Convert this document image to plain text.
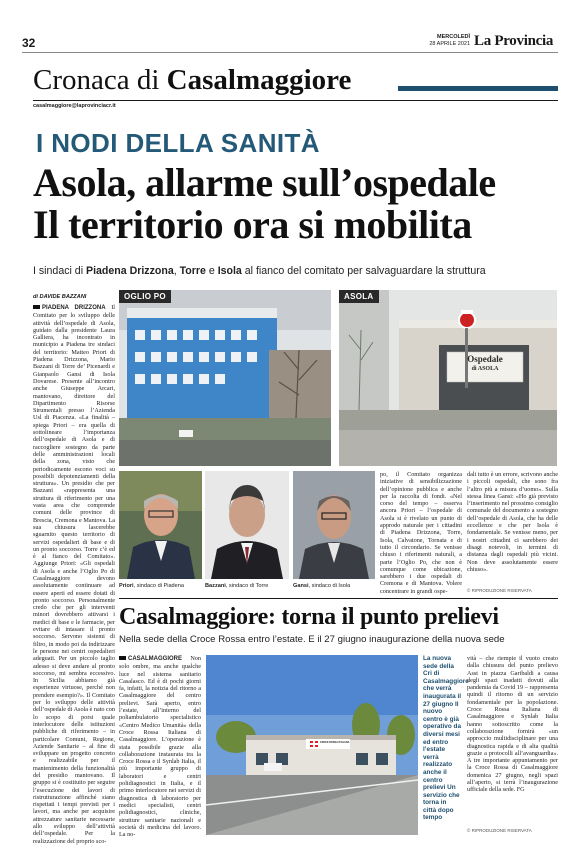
32	MERCOLEDÌ
28 APRILE 2021 La Provincia
Cronaca di Casalmaggiore
casalmaggiore@laprovinciacr.it
I NODI DELLA SANITÀ
Asola, allarme sull’ospedale
Il territorio ora si mobilita
I sindaci di Piadena Drizzona, Torre e Isola al fianco del comitato per salvaguardare la struttura
di DAVIDE BAZZANI
PIADENA DRIZZONA Il Comitato per lo sviluppo delle attività dell’ospedale di Asola, guidato dalla presidente Laura Galliera, ha incontrato in municipio a Piadena tre sindaci del territorio: Matteo Priori di Piadena Drizzona, Mario Bazzani di Torre de’ Picenardi e Gianpaolo Gansi di Isola Dovarese. Presente all’incontro anche Giuseppe Arcari, mantovano, direttore del Dipartimento Risorse Strumentali presso l’Azienda Usl di Piacenza. «La finalità – spiega Priori – era quella di sottolineare l’importanza dell’ospedale di Asola e di raccogliere sostegno da parte delle amministrazioni locali della zona, visto che periodicamente escono voci su possibili depotenziamenti della struttura». Un presidio che per Bazzani «rappresenta una struttura di riferimento per una vasta area che comprende comuni delle province di Brescia, Cremona e Mantova. La sua chiusura lascerebbe sguarnito questo territorio di servizi ospedalieri di base e di un pronto soccorso. Torre c’è ed è al fianco del Comitato». Aggiunge Priori: «Gli ospedali di Asola e anche l’Oglio Po di Casalmaggiore devono assolutamente continuare ad essere aperti ed essere dotati di pronto soccorso. Personalmente credo che per gli interventi minori dovrebbero attivarsi i medici di base e le farmacie, per evitare di intasare il pronto soccorso. Servono sistemi di filtro, in modo poi da indirizzare le persone nei centri ospedalieri adeguati. Per un piccolo taglio adesso si deve andare al pronto soccorso, mi sembra eccessivo. In Sicilia abbiamo già esperienze virtuose, perché non prendere esempio?». Il Comitato per lo sviluppo delle attività dell’ospedale di Asola è nato con lo scopo di porsi quale interlocutore delle istituzioni pubbliche di riferimento – in particolare Comuni, Regione, Aziende Sanitarie – al fine di sviluppare un progetto concreto e realizzabile per il mantenimento della funzionalità del presidio mantovano. Il gruppo si è costituito per seguire l’esecuzione dei lavori di ristrutturazione affinché siano rispettati i tempi previsti per i lavori, ma anche per acquisire attrezzature sanitarie necessarie allo sviluppo dell’attività dell’ospedale. Per la realizzazione del proprio sco-
OGLIO PO
Ospedale
di ASOLA
ASOLA
Priori, sindaco di Piadena	Bazzani, sindaco di Torre	Gansi, sindaco di Isola
po, il Comitato organizza iniziative di sensibilizzazione dell’opinione pubblica e anche per la raccolta di fondi. «Nel corso del tempo – osserva ancora Priori – l’ospedale di Asola si è rivelato un punto di approdo naturale per i cittadini di Piadena Drizzona, Torre, Isola, Calvatone, Tornata e di tutto il circondario. Se venisse chiuso i riferimenti naturali, a parte l’Oglio Po, che non è comunque come ubicazione, sarebbero i due ospedali di Cremona e di Mantova. Volere concentrare in grandi ospe-
dali tutto è un errore, scrivono anche i piccoli ospedali, che sono fra l’altro più a misura d’uomo». Sulla stessa linea Gansi: «Ho già previsto l’inserimento nel prossimo consiglio comunale del documento a sostegno dell’ospedale di Asola, che ha delle eccellenze e che per Isola è fondamentale. Se venisse meno, per i nostri cittadini ci sarebbero dei disagi notevoli, in termini di distanza dagli ospedali più vicini. Non deve assolutamente essere chiuso».
© RIPRODUZIONE RISERVATA
Casalmaggiore: torna il punto prelievi
Nella sede della Croce Rossa entro l’estate. E il 27 giugno inaugurazione della nuova sede
CASALMAGGIORE Non solo ombre, ma anche qualche luce nel sistema sanitario Casalasco. Ed è di pochi giorni fa, infatti, la notizia del ritorno a Casalmaggiore del centro prelievi. Sarà aperto, entro l’estate, all’interno del poliambulatorio specialistico «Centro Medico Umanità» della Croce Rossa Italiana di Casalmaggiore. L’operazione è stata possibile grazie alla collaborazione instaurata tra la Croce Rossa e il Synlab Italia, il più importante gruppo di laboratori e centri polidiagnostici in Italia, e il primo interlocutore nei servizi di diagnostica di laboratorio per medici specialisti, centri polidiagnostici, cliniche, strutture sanitarie nazionali e società di medicina del lavoro. La no-
CROCE ROSSA ITALIANA
La nuova sede della Cri di Casalmaggiore che verrà inaugurata il 27 giugno Il nuovo centro è già operativo da diversi mesi ed entro l’estate verrà realizzato anche il centro prelievi Un servizio che torna in città dopo tempo
vità – che riempie il vuoto creato dalla chiusura del punto prelievo Asst in piazza Garibaldi a causa degli spazi inadatti dovuti alla pandemia da Covid 19 – rappresenta quindi il ritorno di un servizio fondamentale per la popolazione. Croce Rossa Italiana di Casalmaggiore e Synlab Italia hanno sottoscritto come la collaborazione fornirà «un approccio multidisciplinare per una diagnostica rapida e di alta qualità grazie a protocolli all’avanguardia». A tre importante appuntamento per la Croce Rossa di Casalmaggiore domenica 27 giugno, negli spazi all’aperto, si terrà l’inaugurazione ufficiale della sede. FG
© RIPRODUZIONE RISERVATA
